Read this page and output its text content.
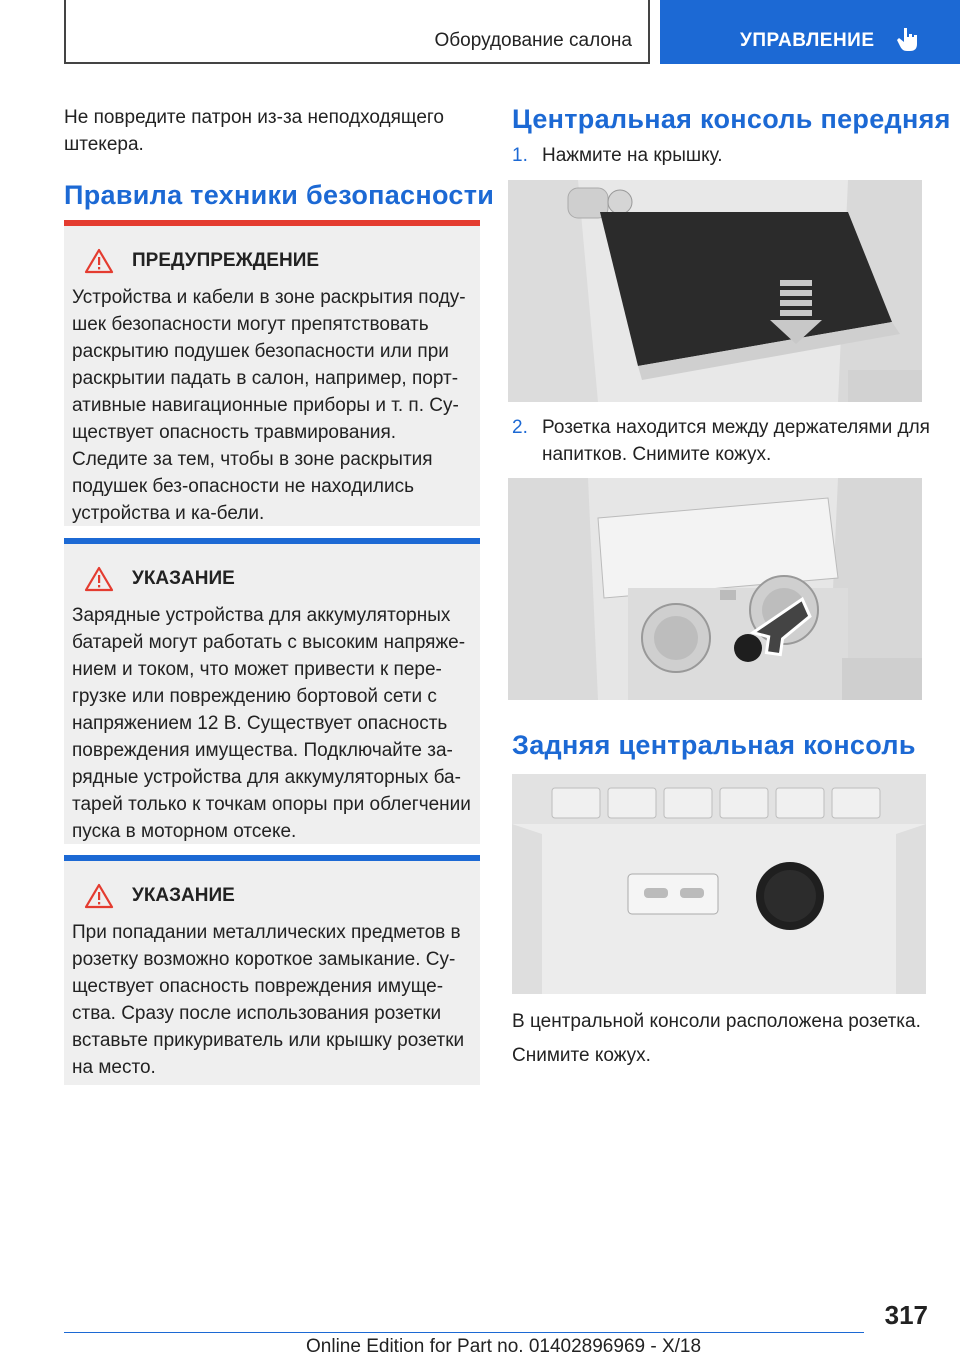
Оборудование салона	УПРАВЛЕНИЕ
Не повредите патрон из-за неподходящего штекера.
Правила техники безопасности
ПРЕДУПРЕЖДЕНИЕ
Устройства и кабели в зоне раскрытия поду-шек безопасности могут препятствовать раскрытию подушек безопасности или при раскрытии падать в салон, например, порт-ативные навигационные приборы и т. п. Су-ществует опасность травмирования. Следите за тем, чтобы в зоне раскрытия подушек без-опасности не находились устройства и ка-бели.
УКАЗАНИЕ
Зарядные устройства для аккумуляторных батарей могут работать с высоким напряже-нием и током, что может привести к пере-грузке или повреждению бортовой сети с напряжением 12 В. Существует опасность повреждения имущества. Подключайте за-рядные устройства для аккумуляторных ба-тарей только к точкам опоры при облегчении пуска в моторном отсеке.
УКАЗАНИЕ
При попадании металлических предметов в розетку возможно короткое замыкание. Су-ществует опасность повреждения имуще-ства. Сразу после использования розетки вставьте прикуриватель или крышку розетки на место.
Центральная консоль передняя
1. Нажмите на крышку.
2. Розетка находится между держателями для напитков. Снимите кожух.
Задняя центральная консоль
В центральной консоли расположена розетка.
Снимите кожух.
317
Online Edition for Part no. 01402896969 - X/18
